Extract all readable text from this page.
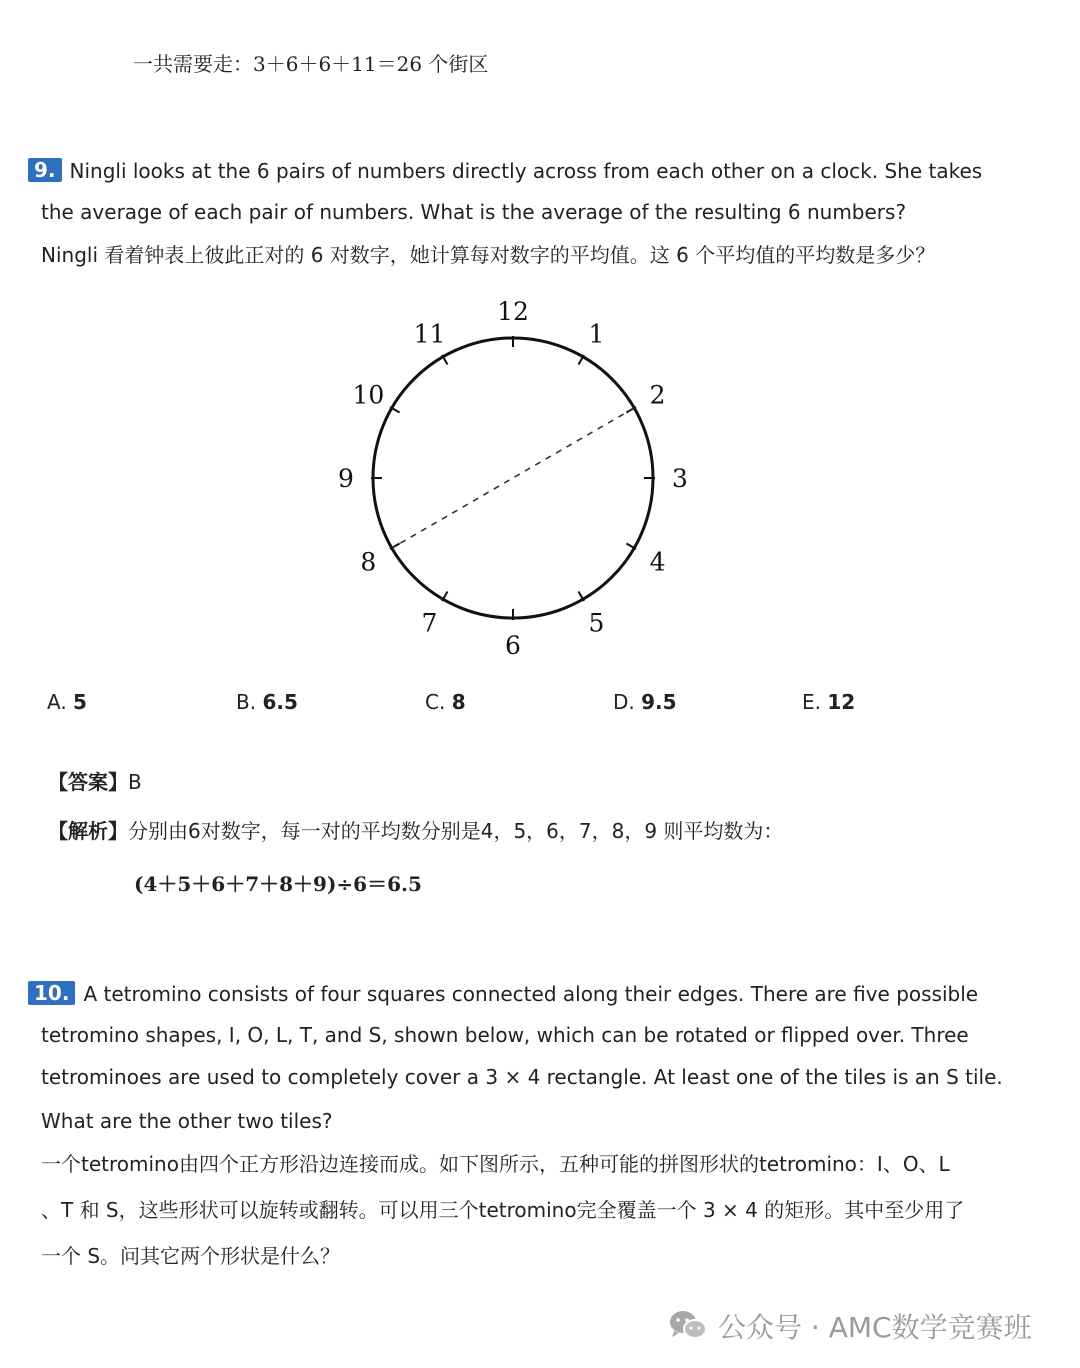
一共需要走：3＋6＋6＋11＝26 个街区
9. Ningli looks at the 6 pairs of numbers directly across from each other on a clock. She takes
the average of each pair of numbers. What is the average of the resulting 6 numbers?
Ningli 看着钟表上彼此正对的 6 对数字，她计算每对数字的平均值。这 6 个平均值的平均数是多少？
12
1
2
3
4
5
6
7
8
9
10
11
A. 5	B. 6.5	C. 8	D. 9.5	E. 12
【答案】B
【解析】分别由6对数字，每一对的平均数分别是4，5，6，7，8，9 则平均数为：
(4＋5＋6＋7＋8＋9)÷6＝6.5
10. A tetromino consists of four squares connected along their edges. There are five possible
tetromino shapes, I, O, L, T, and S, shown below, which can be rotated or flipped over. Three
tetrominoes are used to completely cover a 3 × 4 rectangle. At least one of the tiles is an S tile.
What are the other two tiles?
一个tetromino由四个正方形沿边连接而成。如下图所示，五种可能的拼图形状的tetromino：I、O、L
、T 和 S，这些形状可以旋转或翻转。可以用三个tetromino完全覆盖一个 3 × 4 的矩形。其中至少用了
一个 S。问其它两个形状是什么？
公众号 · AMC数学竞赛班
